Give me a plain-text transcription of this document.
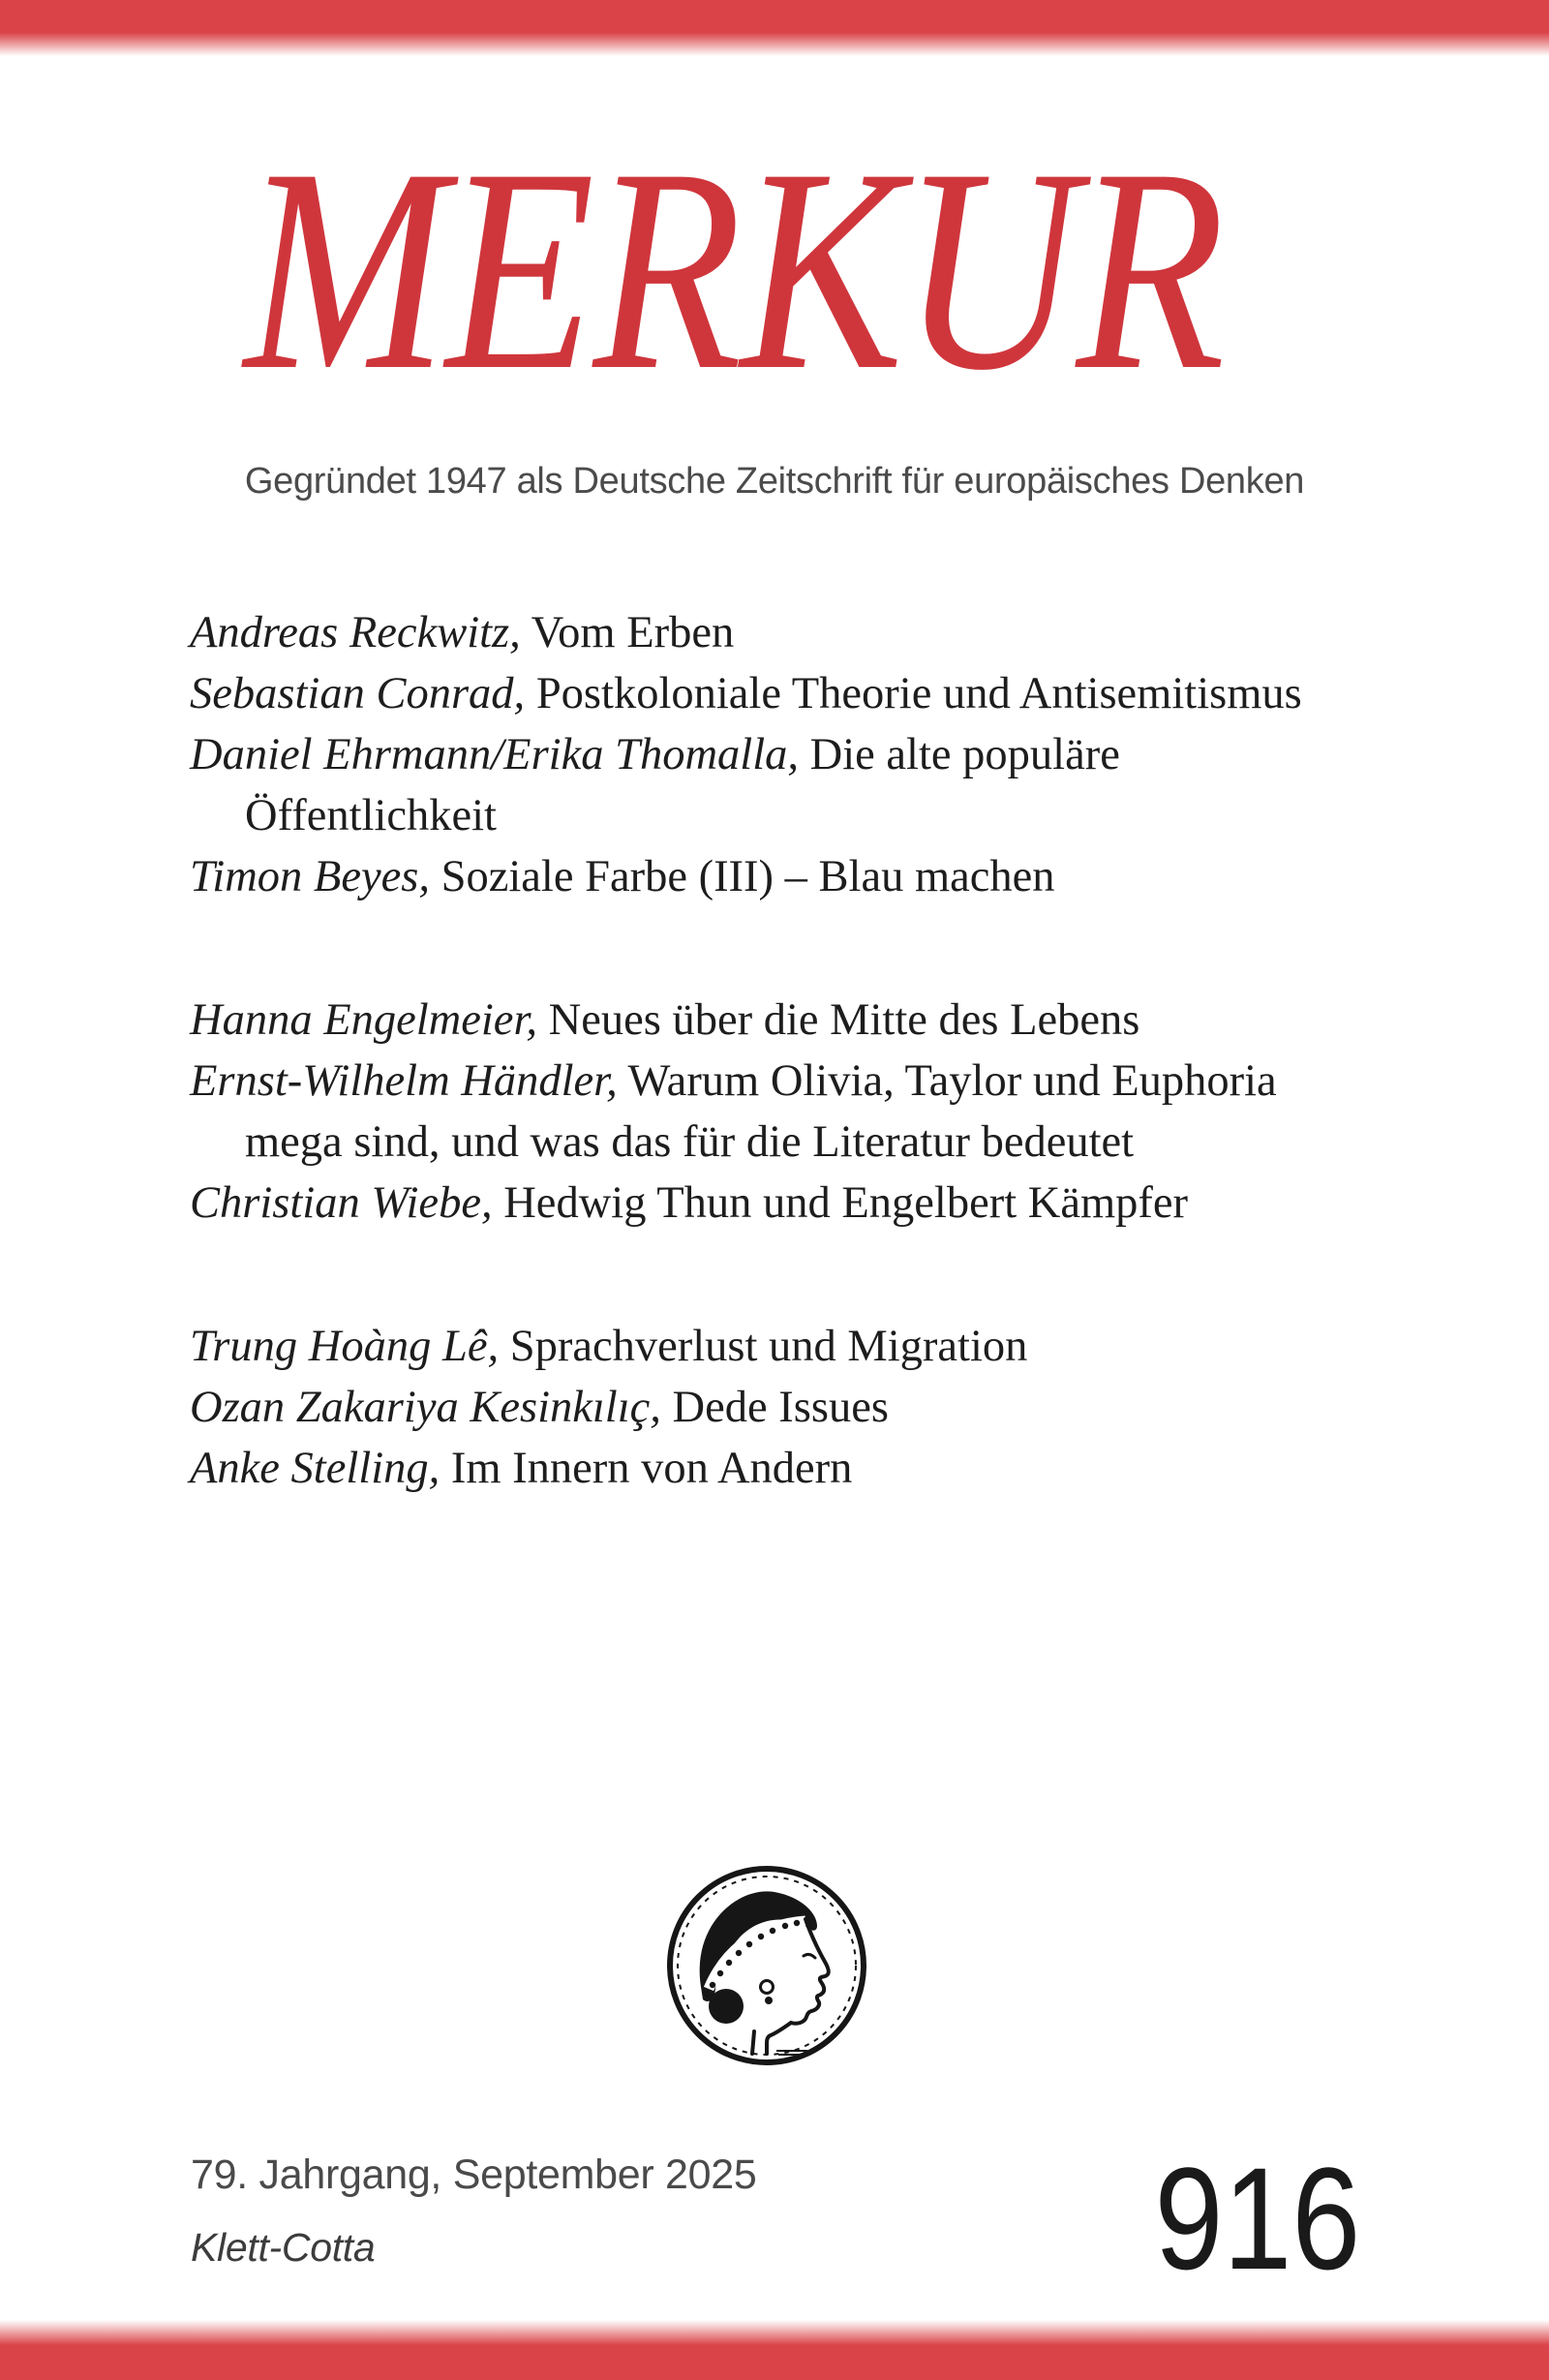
MERKUR
Gegründet 1947 als Deutsche Zeitschrift für europäisches Denken

Andreas Reckwitz, Vom Erben

Sebastian Conrad, Postkoloniale Theorie und Antisemitismus

Daniel Ehrmann/Erika Thomalla, Die alte populäre Öffentlichkeit

Timon Beyes, Soziale Farbe (III) – Blau machen

Hanna Engelmeier, Neues über die Mitte des Lebens

Ernst-Wilhelm Händler, Warum Olivia, Taylor und Euphoria mega sind, und was das für die Literatur bedeutet

Christian Wiebe, Hedwig Thun und Engelbert Kämpfer

Trung Hoàng Lê, Sprachverlust und Migration

Ozan Zakariya Kesinkılıç, Dede Issues

Anke Stelling, Im Innern von Andern

79. Jahrgang, September 2025
Klett-Cotta	916
